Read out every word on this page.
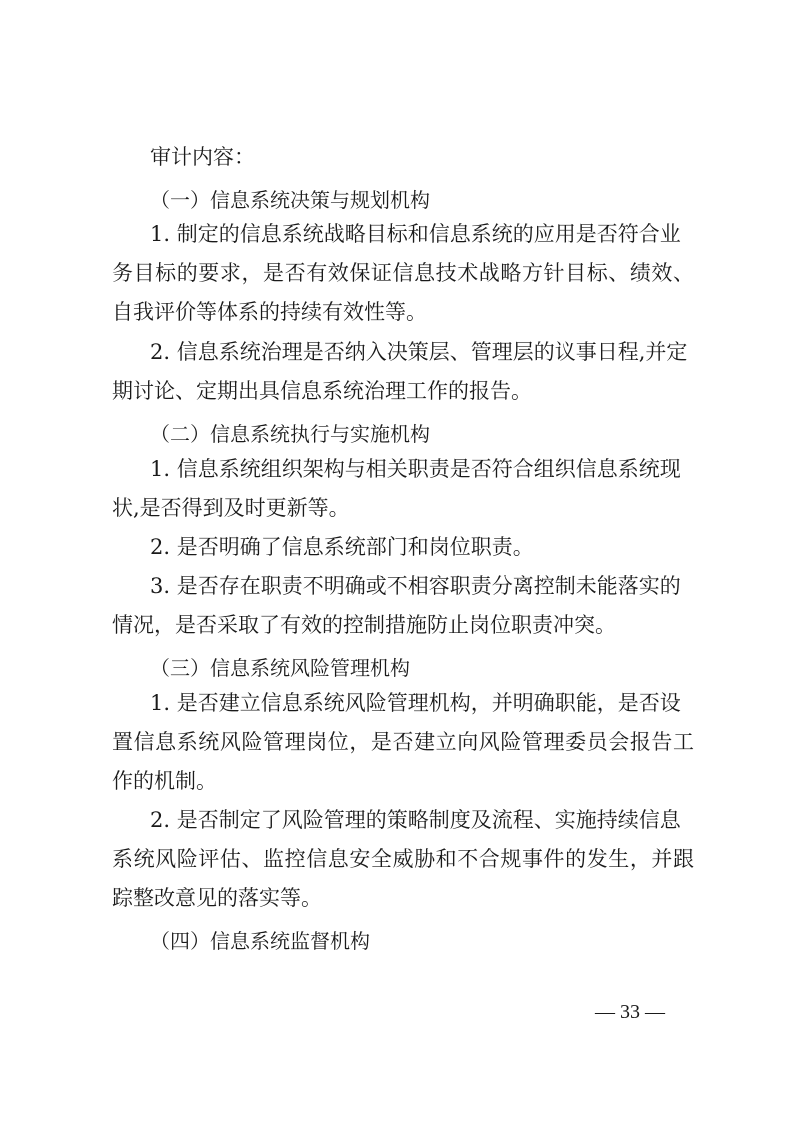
审计内容：

（一）信息系统决策与规划机构

1. 制定的信息系统战略目标和信息系统的应用是否符合业

务目标的要求，是否有效保证信息技术战略方针目标、绩效、

自我评价等体系的持续有效性等。

2. 信息系统治理是否纳入决策层、管理层的议事日程,并定

期讨论、定期出具信息系统治理工作的报告。

（二）信息系统执行与实施机构

1. 信息系统组织架构与相关职责是否符合组织信息系统现

状,是否得到及时更新等。

2. 是否明确了信息系统部门和岗位职责。

3. 是否存在职责不明确或不相容职责分离控制未能落实的

情况，是否采取了有效的控制措施防止岗位职责冲突。

（三）信息系统风险管理机构

1. 是否建立信息系统风险管理机构，并明确职能，是否设

置信息系统风险管理岗位，是否建立向风险管理委员会报告工

作的机制。

2. 是否制定了风险管理的策略制度及流程、实施持续信息

系统风险评估、监控信息安全威胁和不合规事件的发生，并跟

踪整改意见的落实等。

（四）信息系统监督机构

— 33 —
